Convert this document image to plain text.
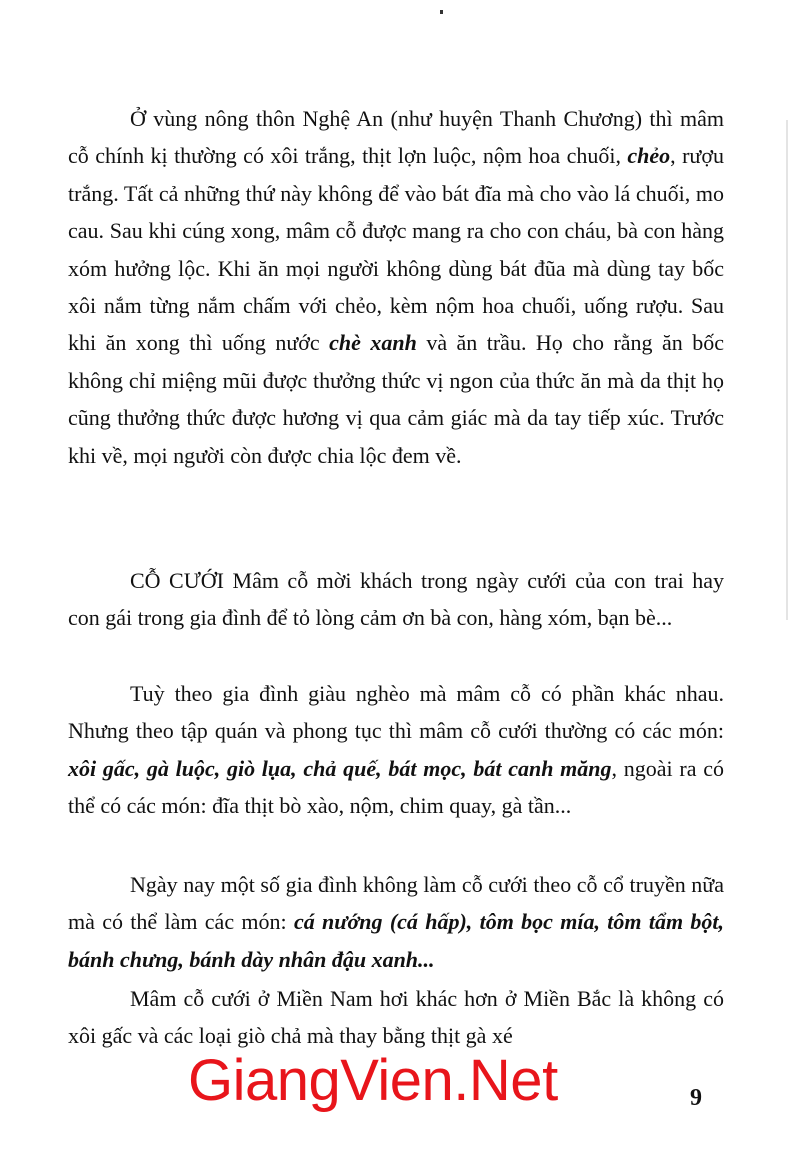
Ở vùng nông thôn Nghệ An (như huyện Thanh Chương) thì mâm cỗ chính kị thường có xôi trắng, thịt lợn luộc, nộm hoa chuối, chẻo, rượu trắng. Tất cả những thứ này không để vào bát đĩa mà cho vào lá chuối, mo cau. Sau khi cúng xong, mâm cỗ được mang ra cho con cháu, bà con hàng xóm hưởng lộc. Khi ăn mọi người không dùng bát đũa mà dùng tay bốc xôi nắm từng nắm chấm với chẻo, kèm nộm hoa chuối, uống rượu. Sau khi ăn xong thì uống nước chè xanh và ăn trầu. Họ cho rằng ăn bốc không chỉ miệng mũi được thưởng thức vị ngon của thức ăn mà da thịt họ cũng thưởng thức được hương vị qua cảm giác mà da tay tiếp xúc. Trước khi về, mọi người còn được chia lộc đem về.

CỖ CƯỚI Mâm cỗ mời khách trong ngày cưới của con trai hay con gái trong gia đình để tỏ lòng cảm ơn bà con, hàng xóm, bạn bè...

Tuỳ theo gia đình giàu nghèo mà mâm cỗ có phần khác nhau. Nhưng theo tập quán và phong tục thì mâm cỗ cưới thường có các món: xôi gấc, gà luộc, giò lụa, chả quế, bát mọc, bát canh măng, ngoài ra có thể có các món: đĩa thịt bò xào, nộm, chim quay, gà tần...

Ngày nay một số gia đình không làm cỗ cưới theo cỗ cổ truyền nữa mà có thể làm các món: cá nướng (cá hấp), tôm bọc mía, tôm tẩm bột, bánh chưng, bánh dày nhân đậu xanh...

Mâm cỗ cưới ở Miền Nam hơi khác hơn ở Miền Bắc là không có xôi gấc và các loại giò chả mà thay bằng thịt gà xé

GiangVien.Net	9
